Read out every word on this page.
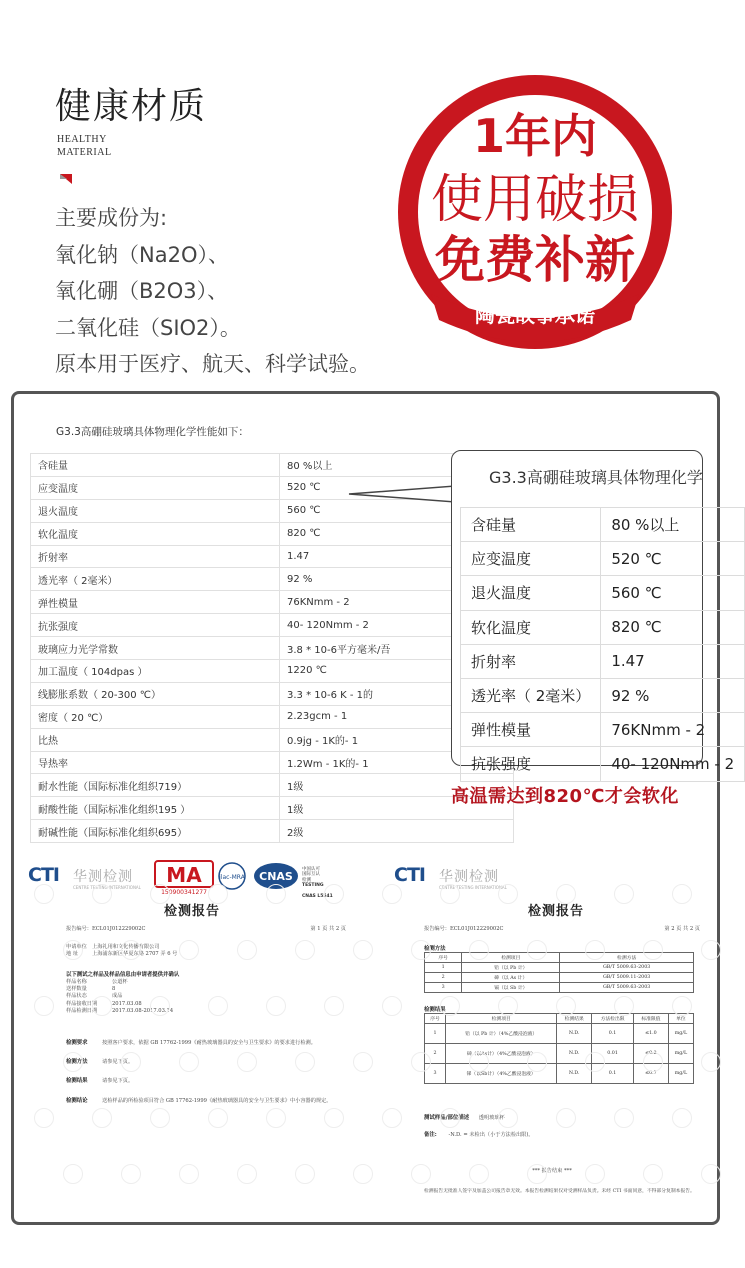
健康材质
HEALTHY
MATERIAL
主要成份为:
氧化钠（Na2O）、
氧化硼（B2O3）、
二氧化硅（SIO2）。
原本用于医疗、航天、科学试验。
1年内
使用破损
免费补新
陶瓷故事承诺
G3.3高硼硅玻璃具体物理化学性能如下：
含硅量	80 %以上
应变温度	520 ℃
退火温度	560 ℃
软化温度	820 ℃
折射率	1.47
透光率（ 2毫米）	92 %
弹性模量	76KNmm - 2
抗张强度	40- 120Nmm - 2
玻璃应力光学常数	3.8 * 10-6平方毫米/吾
加工温度（ 104dpas ）	1220 ℃
线膨胀系数（ 20-300 ℃）	3.3 * 10-6 K - 1的
密度（ 20 ℃）	2.23gcm - 1
比热	0.9jg - 1K的- 1
导热率	1.2Wm - 1K的- 1
耐水性能（国际标准化组织719）	1级
耐酸性能（国际标准化组织195 ）	1级
耐碱性能（国际标准化组织695）	2级
G3.3高硼硅玻璃具体物理化学
含硅量	80 %以上
应变温度	520 ℃
退火温度	560 ℃
软化温度	820 ℃
折射率	1.47
透光率（ 2毫米）	92 %
弹性模量	76KNmm - 2
抗张强度	40- 120Nmm - 2
高温需达到820℃才会软化
CTI 华测检测
CENTRE TESTING INTERNATIONAL
MA
150900341277
ilac-MRA CNAS

中国认可
国际互认
检测

TESTING

CNAS L5541

检测报告
报告编号：ECL01J012229002C	第 1 页 共 2 页
申请单位 上海礼用和文化传播有限公司
地 址	上海浦东新区华夏东路 2707 弄 6 号
以下测试之样品及样品信息由申请者提供并确认
样品名称	公道杯
送样数量	8
样品状态	成品
样品接收日期	2017.03.08
样品检测日期	2017.03.08-2017.03.14
检测要求	按照客户要求，依据 GB 17762-1999《耐热玻璃器具的安全与卫生要求》的要求进行检测。
检测方法	请参见下页。
检测结果	请参见下页。
检测结论	送检样品的所检验项目符合 GB 17762-1999《耐热玻璃器具的安全与卫生要求》中小容器的规定。
CTI 华测检测
CENTRE TESTING INTERNATIONAL
检测报告
报告编号：ECL01J012229002C	第 2 页 共 2 页
检测方法
序号	检测项目	检测方法
1	铅（以 Pb 计）	GB/T 5009.63-2003
2	砷（以 As 计）	GB/T 5009.11-2003
3	镉（以 Sb 计）	GB/T 5009.63-2003
检测结果
序号	检测项目	检测结果	方法检出限	标准限值	单位
1	铅（以 Pb 计）（4%乙酸浸泡液）	N.D.	0.1	≤1.0	mg/L
2	砷（以As计）（4%乙酸浸泡液）	N.D.	0.01	≤0.2	mg/L
3	锑（以Sb计）（4%乙酸浸泡液）	N.D.	0.1	≤0.7	mg/L
测试样品/部位描述 透明玻璃杯
备注: -N.D. = 未检出（小于方法检出限)。
*** 报告结束 ***
检测报告无批准人签字及加盖公司报告章无效。本报告检测结果仅对受测样品负责。未经 CTI 书面同意，不得部分复制本报告。
